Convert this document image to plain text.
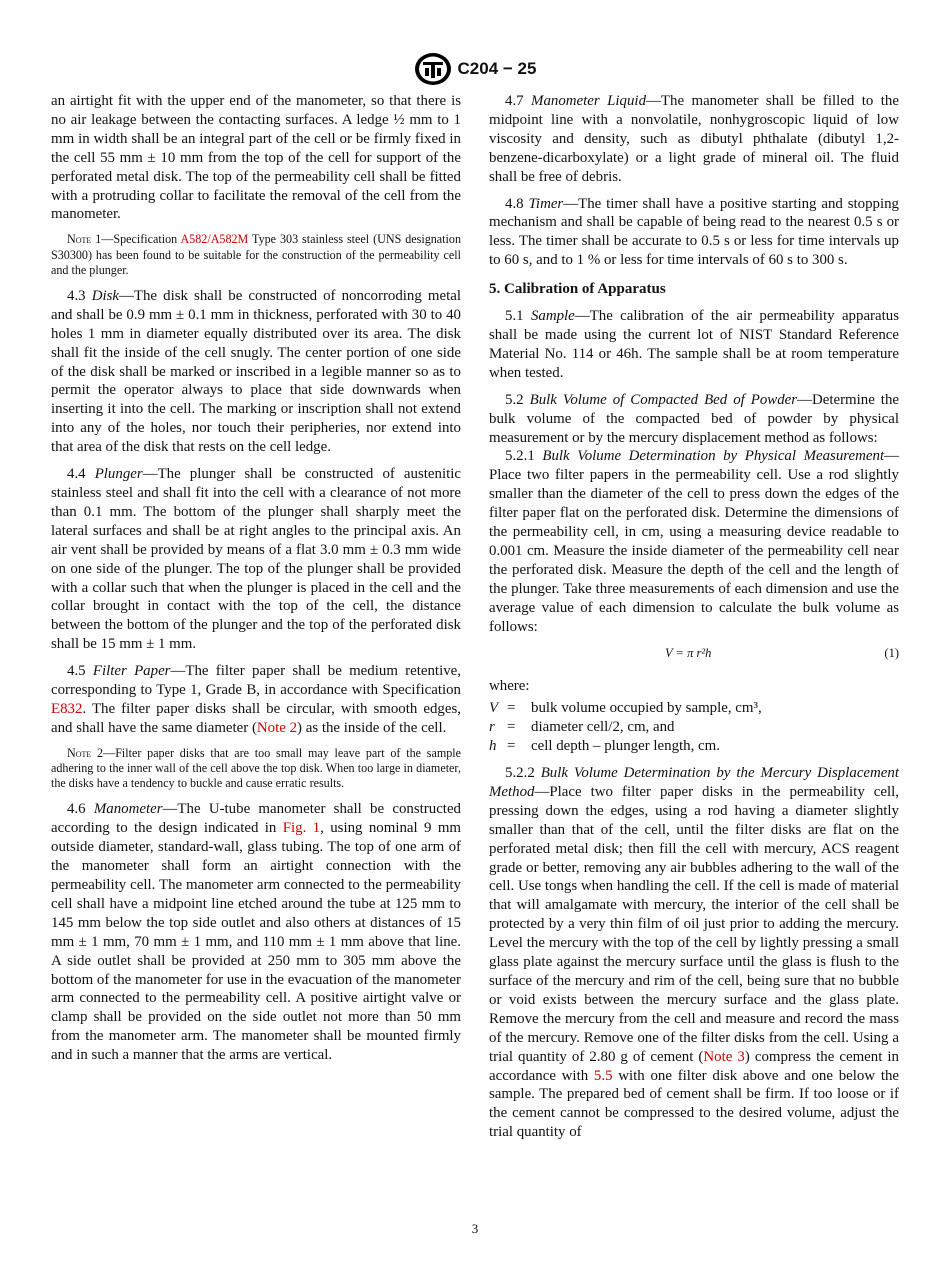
C204 − 25

an airtight fit with the upper end of the manometer, so that there is no air leakage between the contacting surfaces. A ledge ½ mm to 1 mm in width shall be an integral part of the cell or be firmly fixed in the cell 55 mm ± 10 mm from the top of the cell for support of the perforated metal disk. The top of the permeability cell shall be fitted with a protruding collar to facilitate the removal of the cell from the manometer.

Note 1—Specification A582/A582M Type 303 stainless steel (UNS designation S30300) has been found to be suitable for the construction of the permeability cell and the plunger.

4.3 Disk—The disk shall be constructed of noncorroding metal and shall be 0.9 mm ± 0.1 mm in thickness, perforated with 30 to 40 holes 1 mm in diameter equally distributed over its area. The disk shall fit the inside of the cell snugly. The center portion of one side of the disk shall be marked or inscribed in a legible manner so as to permit the operator always to place that side downwards when inserting it into the cell. The marking or inscription shall not extend into any of the holes, nor touch their peripheries, nor extend into that area of the disk that rests on the cell ledge.

4.4 Plunger—The plunger shall be constructed of austenitic stainless steel and shall fit into the cell with a clearance of not more than 0.1 mm. The bottom of the plunger shall sharply meet the lateral surfaces and shall be at right angles to the principal axis. An air vent shall be provided by means of a flat 3.0 mm ± 0.3 mm wide on one side of the plunger. The top of the plunger shall be provided with a collar such that when the plunger is placed in the cell and the collar brought in contact with the top of the cell, the distance between the bottom of the plunger and the top of the perforated disk shall be 15 mm ± 1 mm.

4.5 Filter Paper—The filter paper shall be medium retentive, corresponding to Type 1, Grade B, in accordance with Specification E832. The filter paper disks shall be circular, with smooth edges, and shall have the same diameter (Note 2) as the inside of the cell.

Note 2—Filter paper disks that are too small may leave part of the sample adhering to the inner wall of the cell above the top disk. When too large in diameter, the disks have a tendency to buckle and cause erratic results.

4.6 Manometer—The U-tube manometer shall be constructed according to the design indicated in Fig. 1, using nominal 9 mm outside diameter, standard-wall, glass tubing. The top of one arm of the manometer shall form an airtight connection with the permeability cell. The manometer arm connected to the permeability cell shall have a midpoint line etched around the tube at 125 mm to 145 mm below the top side outlet and also others at distances of 15 mm ± 1 mm, 70 mm ± 1 mm, and 110 mm ± 1 mm above that line. A side outlet shall be provided at 250 mm to 305 mm above the bottom of the manometer for use in the evacuation of the manometer arm connected to the permeability cell. A positive airtight valve or clamp shall be provided on the side outlet not more than 50 mm from the manometer arm. The manometer shall be mounted firmly and in such a manner that the arms are vertical.

4.7 Manometer Liquid—The manometer shall be filled to the midpoint line with a nonvolatile, nonhygroscopic liquid of low viscosity and density, such as dibutyl phthalate (dibutyl 1,2-benzene-dicarboxylate) or a light grade of mineral oil. The fluid shall be free of debris.

4.8 Timer—The timer shall have a positive starting and stopping mechanism and shall be capable of being read to the nearest 0.5 s or less. The timer shall be accurate to 0.5 s or less for time intervals up to 60 s, and to 1 % or less for time intervals of 60 s to 300 s.

5. Calibration of Apparatus

5.1 Sample—The calibration of the air permeability apparatus shall be made using the current lot of NIST Standard Reference Material No. 114 or 46h. The sample shall be at room temperature when tested.

5.2 Bulk Volume of Compacted Bed of Powder—Determine the bulk volume of the compacted bed of powder by physical measurement or by the mercury displacement method as follows:

5.2.1 Bulk Volume Determination by Physical Measurement—Place two filter papers in the permeability cell. Use a rod slightly smaller than the diameter of the cell to press down the edges of the filter paper flat on the perforated disk. Determine the dimensions of the permeability cell, in cm, using a measuring device readable to 0.001 cm. Measure the inside diameter of the permeability cell near the perforated disk. Measure the depth of the cell and the length of the plunger. Take three measurements of each dimension and use the average value of each dimension to calculate the bulk volume as follows:

V = π r²h	(1)
where:
V =	bulk volume occupied by sample, cm³,
r =	diameter cell/2, cm, and
h =	cell depth – plunger length, cm.

5.2.2 Bulk Volume Determination by the Mercury Displacement Method—Place two filter paper disks in the permeability cell, pressing down the edges, using a rod having a diameter slightly smaller than that of the cell, until the filter disks are flat on the perforated metal disk; then fill the cell with mercury, ACS reagent grade or better, removing any air bubbles adhering to the wall of the cell. Use tongs when handling the cell. If the cell is made of material that will amalgamate with mercury, the interior of the cell shall be protected by a very thin film of oil just prior to adding the mercury. Level the mercury with the top of the cell by lightly pressing a small glass plate against the mercury surface until the glass is flush to the surface of the mercury and rim of the cell, being sure that no bubble or void exists between the mercury surface and the glass plate. Remove the mercury from the cell and measure and record the mass of the mercury. Remove one of the filter disks from the cell. Using a trial quantity of 2.80 g of cement (Note 3) compress the cement in accordance with 5.5 with one filter disk above and one below the sample. The prepared bed of cement shall be firm. If too loose or if the cement cannot be compressed to the desired volume, adjust the trial quantity of

3
